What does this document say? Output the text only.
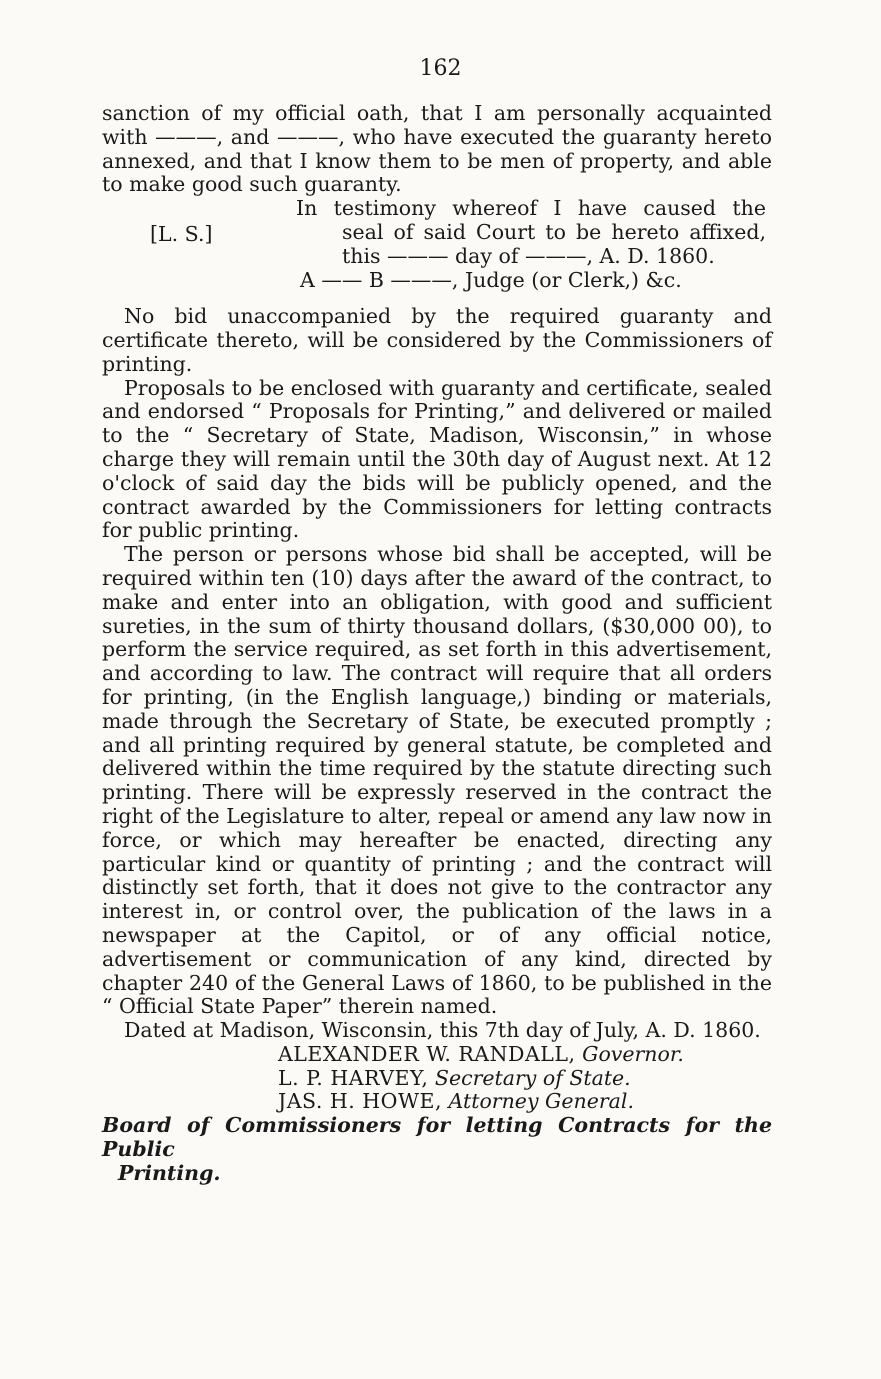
162

sanction of my official oath, that I am personally acquainted with ———, and ———, who have executed the guaranty hereto annexed, and that I know them to be men of property, and able to make good such guaranty.

In testimony whereof I have caused the
[L. S.]	seal of said Court to be hereto affixed,
this ——— day of ———, A. D. 1860.
A —— B ———, Judge (or Clerk,) &c.

No bid unaccompanied by the required guaranty and certificate thereto, will be considered by the Commissioners of printing.

Proposals to be enclosed with guaranty and certificate, sealed and endorsed “ Proposals for Printing,” and delivered or mailed to the “ Secretary of State, Madison, Wisconsin,” in whose charge they will remain until the 30th day of August next. At 12 o'clock of said day the bids will be publicly opened, and the contract awarded by the Commissioners for letting contracts for public printing.

The person or persons whose bid shall be accepted, will be required within ten (10) days after the award of the contract, to make and enter into an obligation, with good and sufficient sureties, in the sum of thirty thousand dollars, ($30,000 00), to perform the service required, as set forth in this advertisement, and according to law. The contract will require that all orders for printing, (in the English language,) binding or materials, made through the Secretary of State, be executed promptly ; and all printing required by general statute, be completed and delivered within the time required by the statute directing such printing. There will be expressly reserved in the contract the right of the Legislature to alter, repeal or amend any law now in force, or which may hereafter be enacted, directing any particular kind or quantity of printing ; and the contract will distinctly set forth, that it does not give to the contractor any interest in, or control over, the publication of the laws in a newspaper at the Capitol, or of any official notice, advertisement or communication of any kind, directed by chapter 240 of the General Laws of 1860, to be published in the “ Official State Paper” therein named.

Dated at Madison, Wisconsin, this 7th day of July, A. D. 1860.

ALEXANDER W. RANDALL, Governor.

L. P. HARVEY, Secretary of State.

JAS. H. HOWE, Attorney General.

Board of Commissioners for letting Contracts for the Public

Printing.
